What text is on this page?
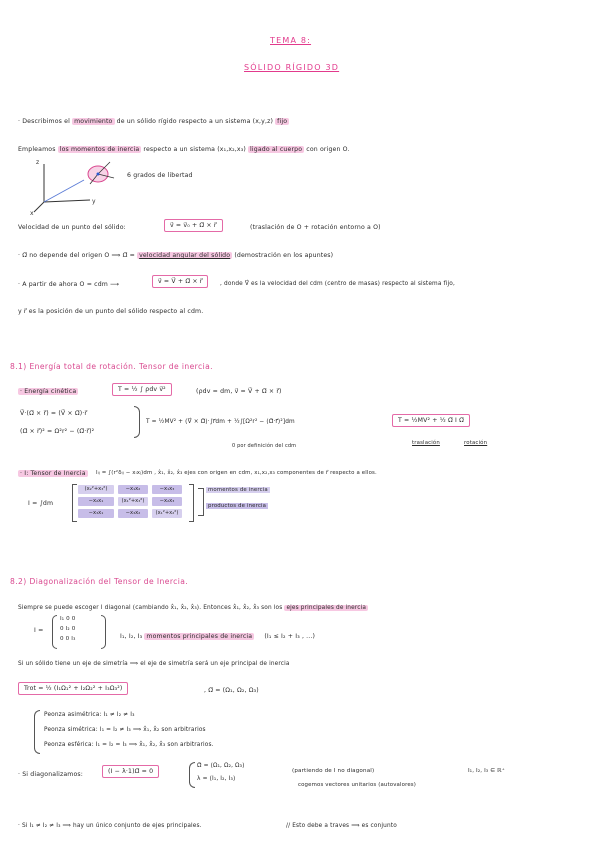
TEMA 8:
SÓLIDO RÍGIDO 3D
· Describimos el movimiento de un sólido rígido respecto a un sistema (x,y,z) fijo
Empleamos los momentos de inercia respecto a un sistema (x₁,x₂,x₃) ligado al cuerpo con origen O.
z
y
x
6 grados de libertad
Velocidad de un punto del sólido:	v⃗ = v⃗₀ + Ω⃗ × r⃗	(traslación de O + rotación entorno a O)
· Ω⃗ no depende del origen O ⟹ Ω⃗ = velocidad angular del sólido (demostración en los apuntes)
· A partir de ahora O = cdm ⟶	v⃗ = V⃗ + Ω⃗ × r⃗	, donde V⃗ es la velocidad del cdm (centro de masas) respecto al sistema fijo,
y r⃗ es la posición de un punto del sólido respecto al cdm.
8.1) Energía total de rotación. Tensor de inercia.
· Energía cinética	T = ½ ∫ ρdv v⃗²	(ρdv = dm, v⃗ = V⃗ + Ω⃗ × r⃗)
V⃗·(Ω⃗ × r⃗) = (V⃗ × Ω⃗)·r⃗
(Ω⃗ × r⃗)² = Ω²r² − (Ω⃗·r⃗)²
T = ½MV² + (V⃗ × Ω⃗)·∫r⃗dm + ½∫[Ω²r² − (Ω⃗·r⃗)²]dm
0 por definición del cdm
T = ½MV² + ½ Ω⃗ I Ω⃗
traslación	rotación
· I: Tensor de Inercia	Iᵢⱼ = ∫(r²δᵢⱼ − xᵢxⱼ)dm , x̂₁, x̂₂, x̂₃ ejes con origen en cdm, x₁,x₂,x₃ componentes de r⃗ respecto a ellos.
I = ∫dm
(x₂²+x₃²)	−x₁x₂	−x₁x₃
−x₂x₁	(x₁²+x₃²)	−x₂x₃
−x₃x₁	−x₃x₂	(x₁²+x₂²)
momentos de inercia
productos de inercia
8.2) Diagonalización del Tensor de Inercia.
Siempre se puede escoger I diagonal (cambiando x̂₁, x̂₂, x̂₃). Entonces x̂₁, x̂₂, x̂₃ son los ejes principales de inercia
I =
I₁ 0 0
0 I₂ 0
0 0 I₃	I₁, I₂, I₃ momentos principales de inercia (I₁ ≤ I₂ + I₃ , ...)
Si un sólido tiene un eje de simetría ⟹ el eje de simetría será un eje principal de inercia
Trot = ½ (I₁Ω₁² + I₂Ω₂² + I₃Ω₃²)	, Ω⃗ = (Ω₁, Ω₂, Ω₃)
Peonza asimétrica: I₁ ≠ I₂ ≠ I₃
Peonza simétrica: I₁ = I₂ ≠ I₃ ⟹ x̂₁, x̂₂ son arbitrarios
Peonza esférica: I₁ = I₂ = I₃ ⟹ x̂₁, x̂₂, x̂₃ son arbitrarios.
· Si diagonalizamos:	(I − λ·1)Ω⃗ = 0
Ω⃗ = (Ω₁, Ω₂, Ω₃)
λ = (I₁, I₂, I₃)
(partiendo de I no diagonal)
cogemos vectores unitarios (autovalores)
I₁, I₂, I₃ ∈ ℝ⁺
· Si I₁ ≠ I₂ ≠ I₃ ⟹ hay un único conjunto de ejes principales.	// Esto debe a traves ⟹ es conjunto
